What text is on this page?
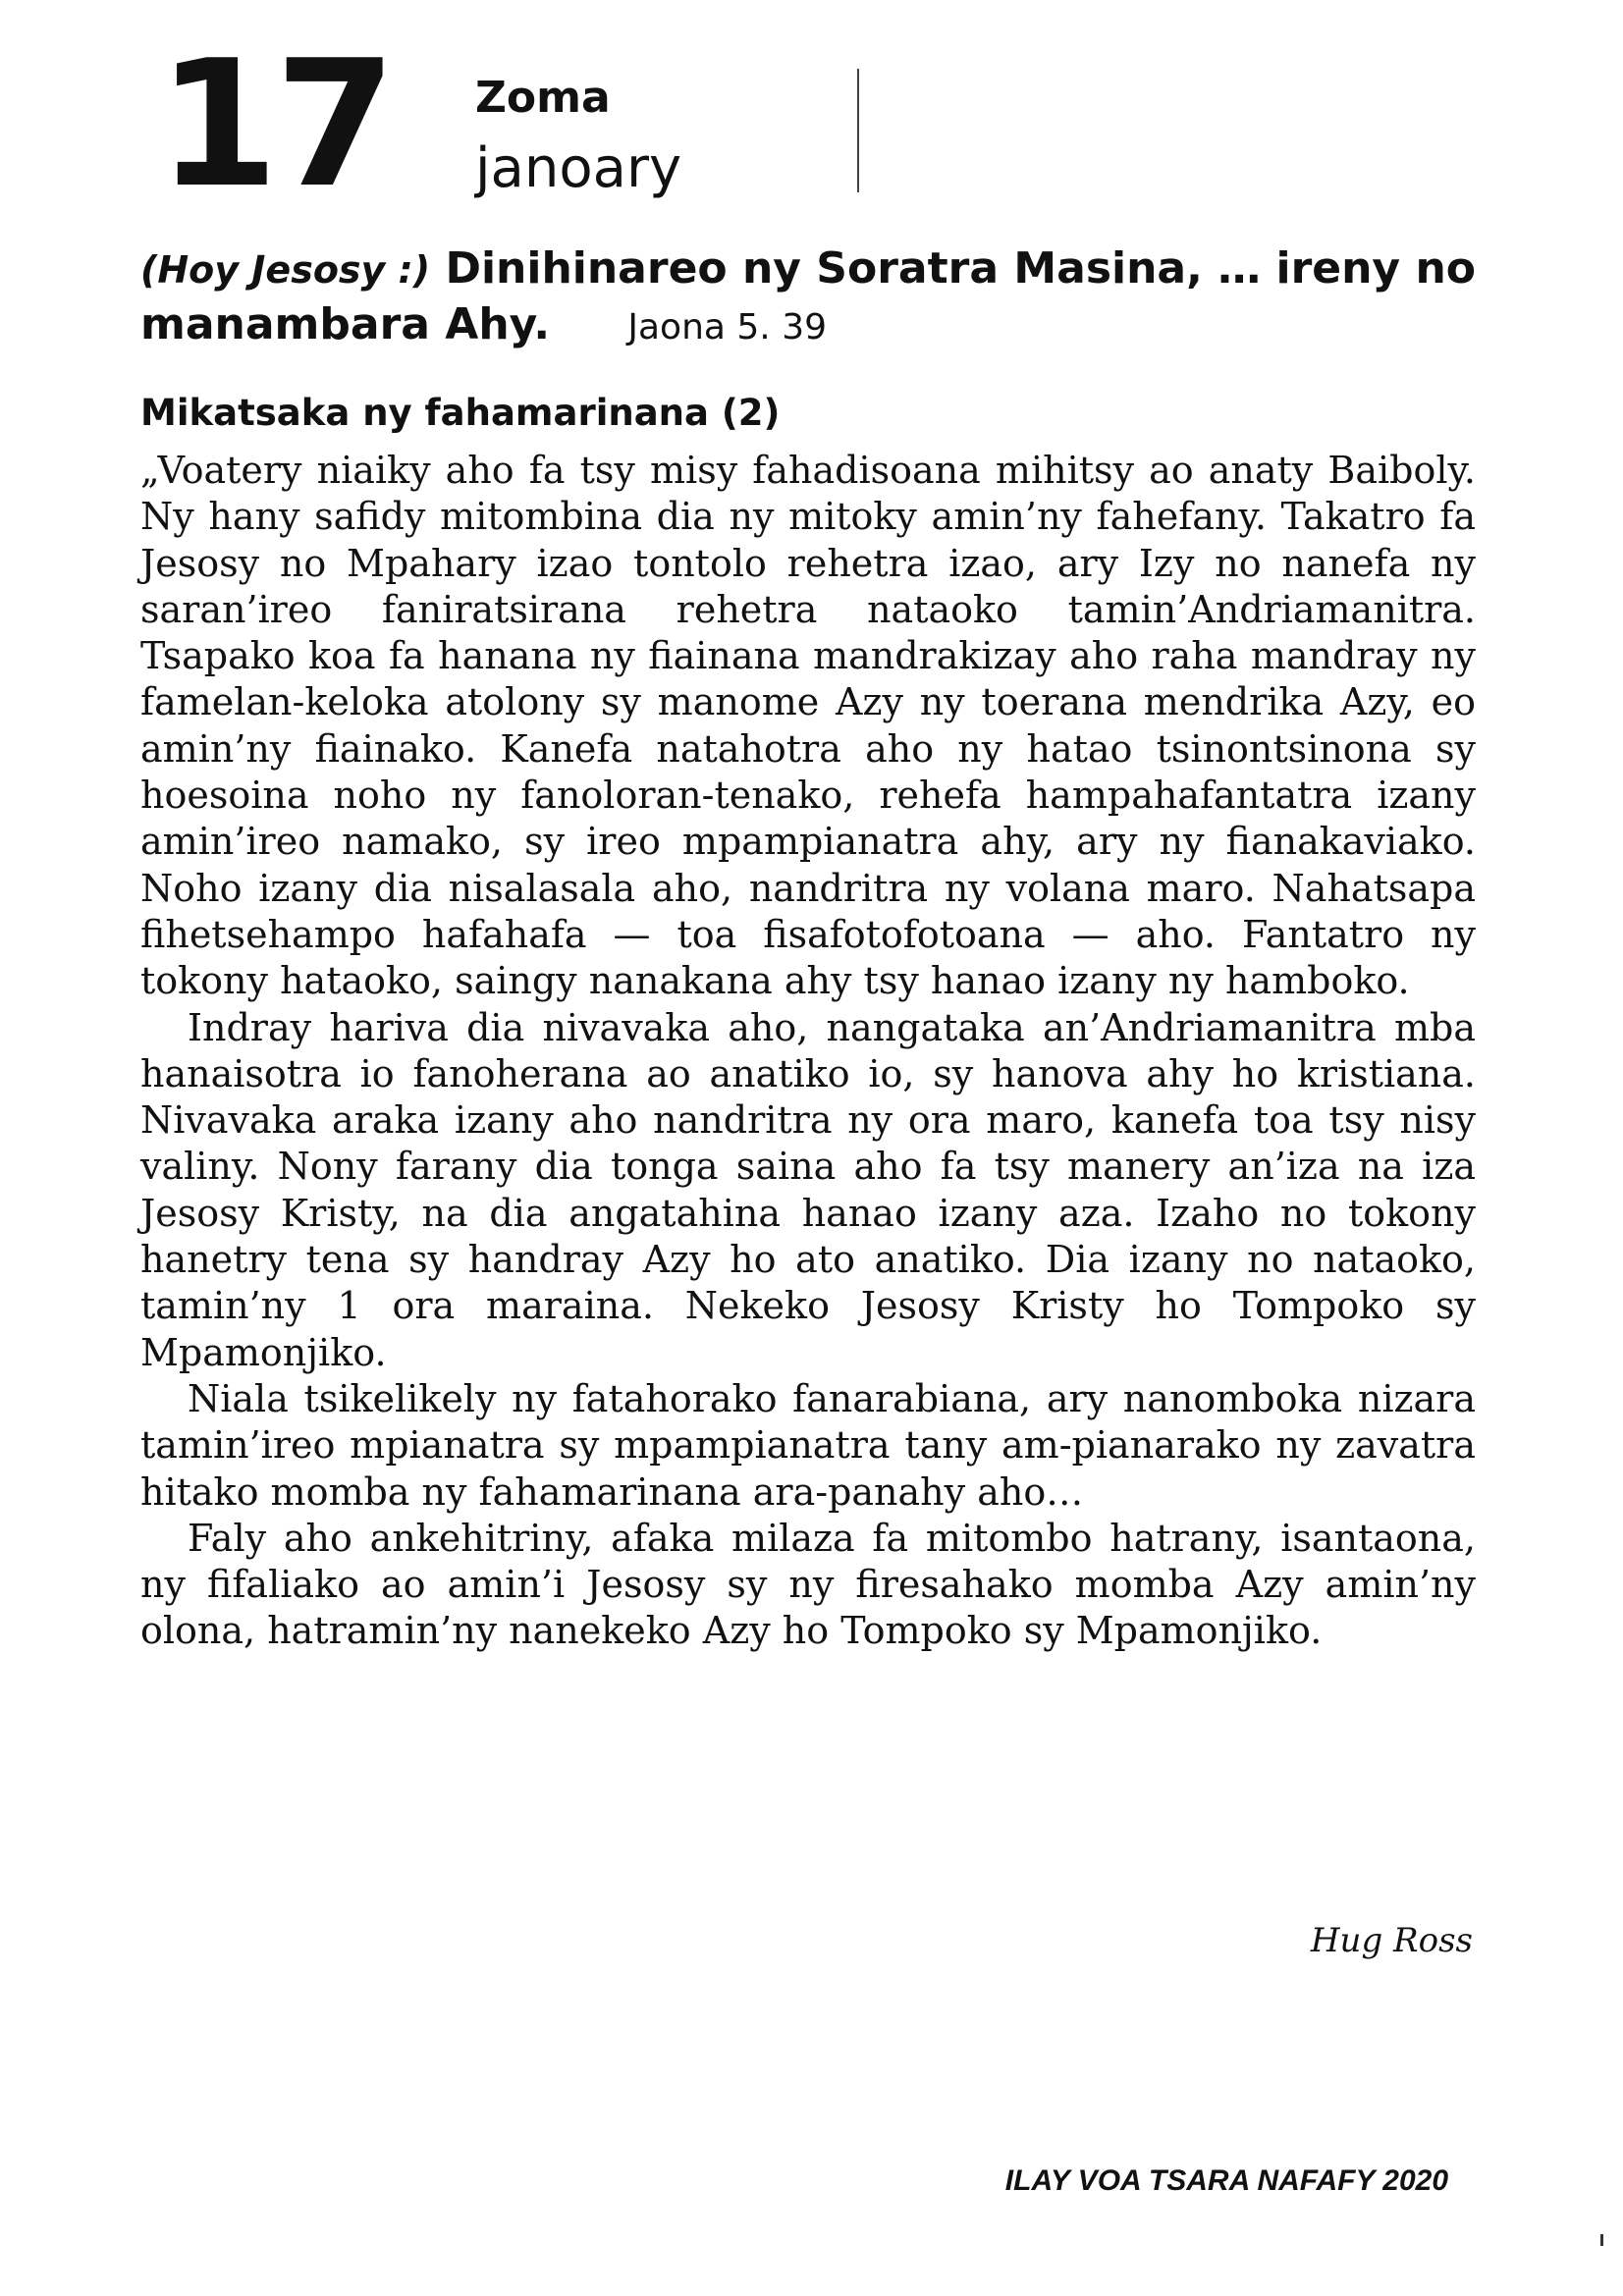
17 Zoma
janoary
(Hoy Jesosy :) Dinihinareo ny Soratra Masina, … ireny no manambara Ahy. Jaona 5. 39
Mikatsaka ny fahamarinana (2)

„Voatery niaiky aho fa tsy misy fahadisoana mihitsy ao anaty Baiboly. Ny hany safidy mitombina dia ny mitoky amin’ny fahefany. Takatro fa Jesosy no Mpahary izao tontolo rehetra izao, ary Izy no nanefa ny saran’ireo faniratsirana rehetra nataoko tamin’Andriamanitra. Tsapako koa fa hanana ny fiainana mandrakizay aho raha mandray ny famelan-keloka atolony sy manome Azy ny toerana mendrika Azy, eo amin’ny fiainako. Kanefa natahotra aho ny hatao tsinontsinona sy hoesoina noho ny fanoloran-tenako, rehefa hampahafantatra izany amin’ireo namako, sy ireo mpampianatra ahy, ary ny fianakaviako. Noho izany dia nisalasala aho, nandritra ny volana maro. Nahatsapa fihetsehampo hafahafa — toa fisafotofotoana — aho. Fantatro ny tokony hataoko, saingy nanakana ahy tsy hanao izany ny hamboko.

Indray hariva dia nivavaka aho, nangataka an’Andriamanitra mba hanaisotra io fanoherana ao anatiko io, sy hanova ahy ho kristiana. Nivavaka araka izany aho nandritra ny ora maro, kanefa toa tsy nisy valiny. Nony farany dia tonga saina aho fa tsy manery an’iza na iza Jesosy Kristy, na dia angatahina hanao izany aza. Izaho no tokony hanetry tena sy handray Azy ho ato anatiko. Dia izany no nataoko, tamin’ny 1 ora maraina. Nekeko Jesosy Kristy ho Tompoko sy Mpamonjiko.

Niala tsikelikely ny fatahorako fanarabiana, ary nanomboka nizara tamin’ireo mpianatra sy mpampianatra tany am-pianarako ny zavatra hitako momba ny fahamarinana ara-panahy aho…

Faly aho ankehitriny, afaka milaza fa mitombo hatrany, isantaona, ny fifaliako ao amin’i Jesosy sy ny firesahako momba Azy amin’ny olona, hatramin’ny nanekeko Azy ho Tompoko sy Mpamonjiko.

Hug Ross
ILAY VOA TSARA NAFAFY 2020
